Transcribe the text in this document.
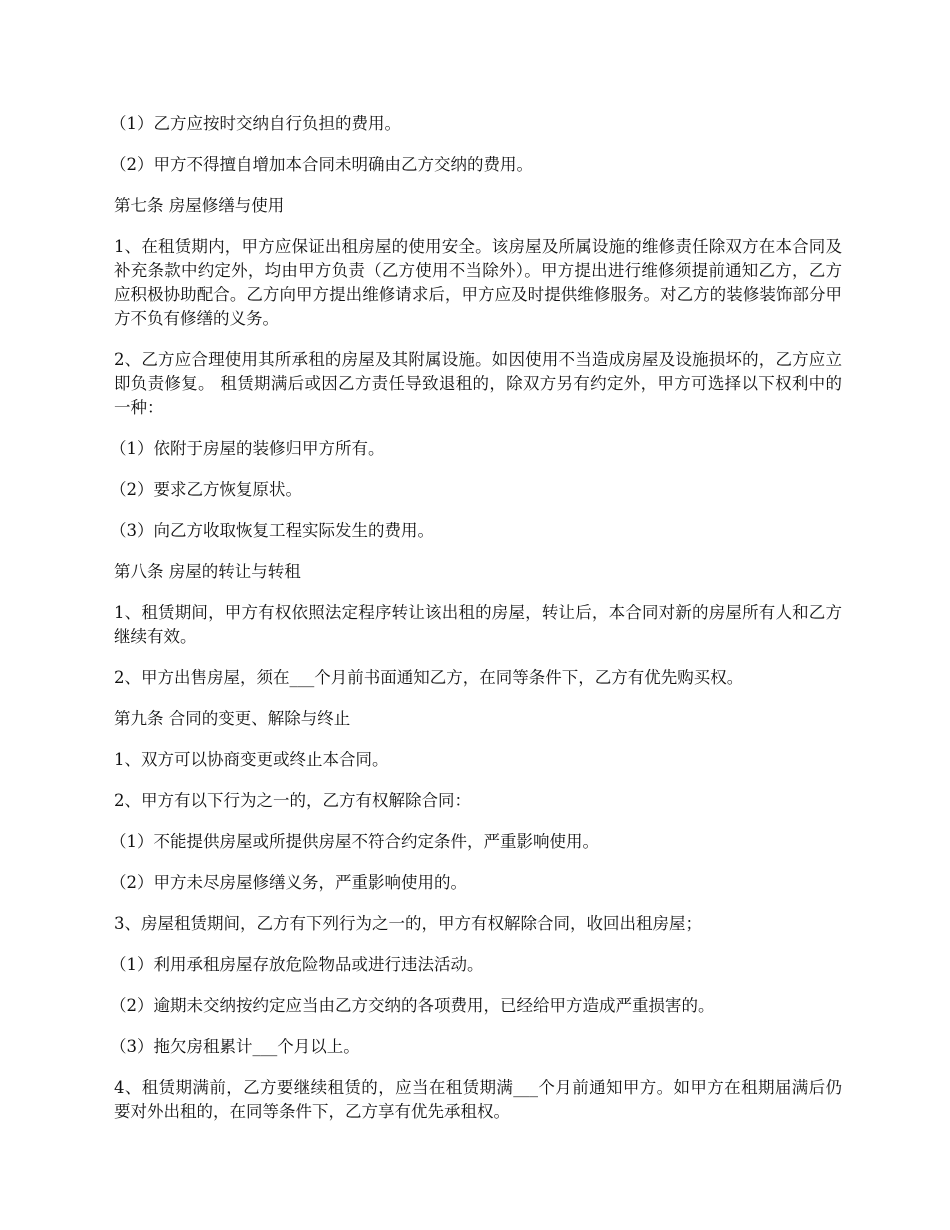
（1）乙方应按时交纳自行负担的费用。

（2）甲方不得擅自增加本合同未明确由乙方交纳的费用。

第七条 房屋修缮与使用

1、在租赁期内，甲方应保证出租房屋的使用安全。该房屋及所属设施的维修责任除双方在本合同及补充条款中约定外，均由甲方负责（乙方使用不当除外）。甲方提出进行维修须提前通知乙方，乙方应积极协助配合。乙方向甲方提出维修请求后，甲方应及时提供维修服务。对乙方的装修装饰部分甲方不负有修缮的义务。

2、乙方应合理使用其所承租的房屋及其附属设施。如因使用不当造成房屋及设施损坏的，乙方应立即负责修复。 租赁期满后或因乙方责任导致退租的，除双方另有约定外，甲方可选择以下权利中的一种：

（1）依附于房屋的装修归甲方所有。

（2）要求乙方恢复原状。

（3）向乙方收取恢复工程实际发生的费用。

第八条 房屋的转让与转租

1、租赁期间，甲方有权依照法定程序转让该出租的房屋，转让后，本合同对新的房屋所有人和乙方继续有效。

2、甲方出售房屋，须在___个月前书面通知乙方，在同等条件下，乙方有优先购买权。

第九条 合同的变更、解除与终止

1、双方可以协商变更或终止本合同。

2、甲方有以下行为之一的，乙方有权解除合同：

（1）不能提供房屋或所提供房屋不符合约定条件，严重影响使用。

（2）甲方未尽房屋修缮义务，严重影响使用的。

3、房屋租赁期间，乙方有下列行为之一的，甲方有权解除合同，收回出租房屋；

（1）利用承租房屋存放危险物品或进行违法活动。

（2）逾期未交纳按约定应当由乙方交纳的各项费用，已经给甲方造成严重损害的。

（3）拖欠房租累计___个月以上。

4、租赁期满前，乙方要继续租赁的，应当在租赁期满___个月前通知甲方。如甲方在租期届满后仍要对外出租的，在同等条件下，乙方享有优先承租权。
